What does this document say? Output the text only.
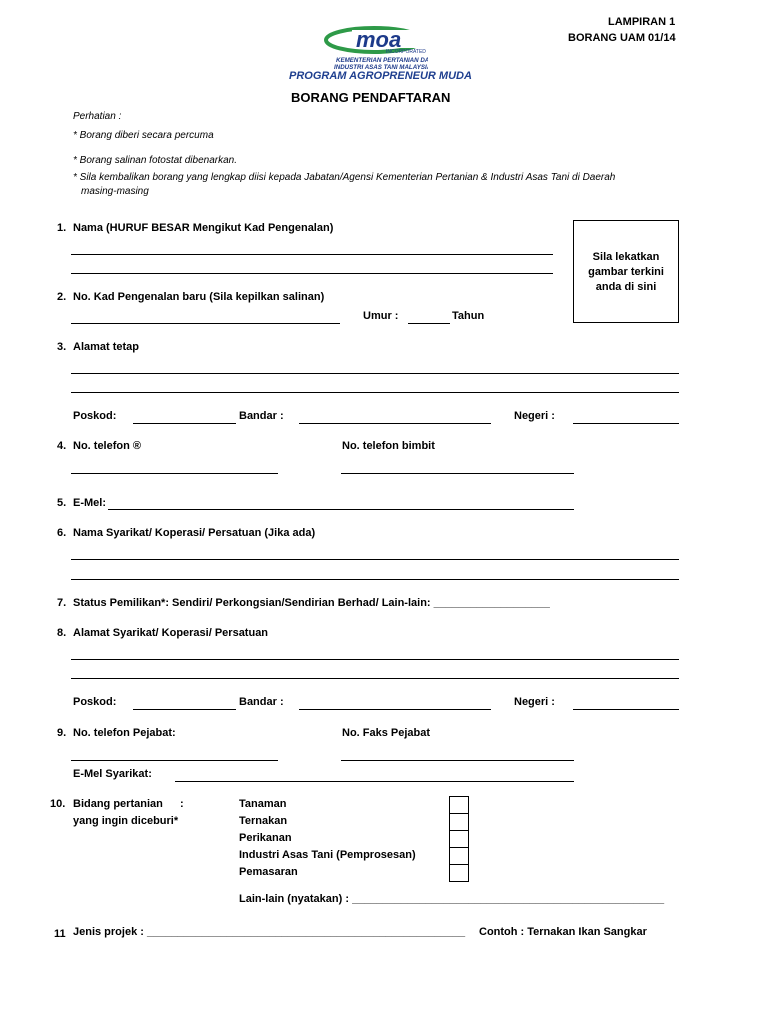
LAMPIRAN 1
BORANG UAM 01/14
moa
INCORPORATED
KEMENTERIAN PERTANIAN DAN
INDUSTRI ASAS TANI MALAYSIA
PROGRAM AGROPRENEUR MUDA
BORANG PENDAFTARAN
Perhatian :
* Borang diberi secara percuma
* Borang salinan fotostat dibenarkan.
* Sila kembalikan borang yang lengkap diisi kepada Jabatan/Agensi Kementerian Pertanian & Industri Asas Tani di Daerah
masing-masing
Sila lekatkan gambar terkini anda di sini
1. Nama (HURUF BESAR Mengikut Kad Pengenalan)
2. No. Kad Pengenalan baru (Sila kepilkan salinan)
Umur :	Tahun
3. Alamat tetap
Poskod:	Bandar :	Negeri :
4. No. telefon ®	No. telefon bimbit
5. E-Mel:
6. Nama Syarikat/ Koperasi/ Persatuan (Jika ada)
7. Status Pemilikan*: Sendiri/ Perkongsian/Sendirian Berhad/ Lain-lain: ___________________
8. Alamat Syarikat/ Koperasi/ Persatuan
Poskod:	Bandar :	Negeri :
9. No. telefon Pejabat:	No. Faks Pejabat
E-Mel Syarikat:
10. Bidang pertanian :
yang ingin diceburi*
Tanaman
Ternakan
Perikanan
Industri Asas Tani (Pemprosesan)
Pemasaran
Lain-lain (nyatakan) : ___________________________________________________
11 Jenis projek : ____________________________________________________ Contoh : Ternakan Ikan Sangkar
